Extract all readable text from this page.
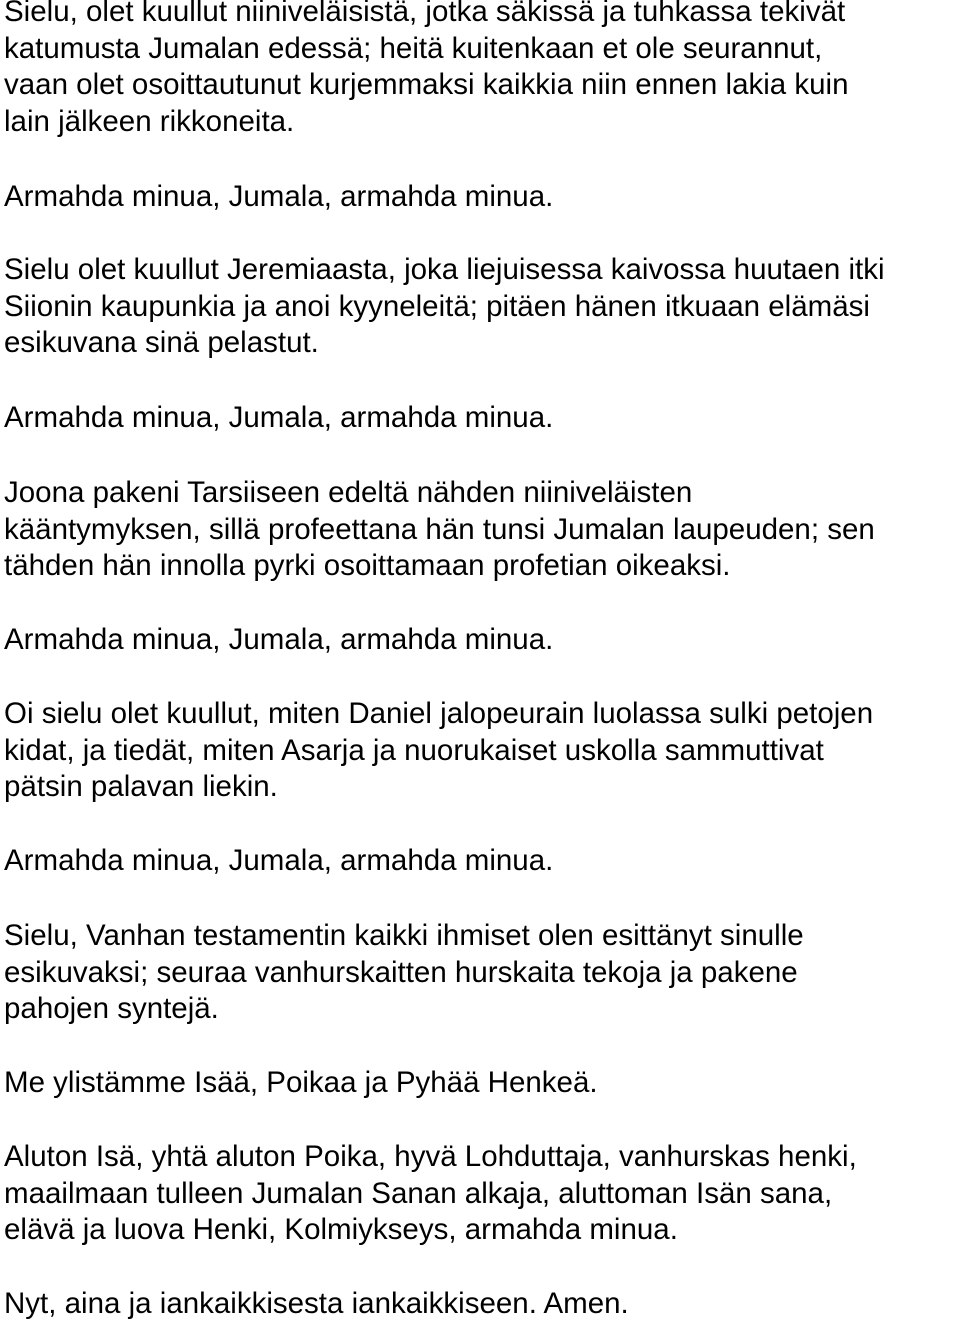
Sielu, olet kuullut niiniveläisistä, jotka säkissä ja tuhkassa tekivät
katumusta Jumalan edessä; heitä kuitenkaan et ole seurannut,
vaan olet osoittautunut kurjemmaksi kaikkia niin ennen lakia kuin
lain jälkeen rikkoneita.

Armahda minua, Jumala, armahda minua.

Sielu olet kuullut Jeremiaasta, joka liejuisessa kaivossa huutaen itki
Siionin kaupunkia ja anoi kyyneleitä; pitäen hänen itkuaan elämäsi
esikuvana sinä pelastut.

Armahda minua, Jumala, armahda minua.

Joona pakeni Tarsiiseen edeltä nähden niiniveläisten
kääntymyksen, sillä profeettana hän tunsi Jumalan laupeuden; sen
tähden hän innolla pyrki osoittamaan profetian oikeaksi.

Armahda minua, Jumala, armahda minua.

Oi sielu olet kuullut, miten Daniel jalopeurain luolassa sulki petojen
kidat, ja tiedät, miten Asarja ja nuorukaiset uskolla sammuttivat
pätsin palavan liekin.

Armahda minua, Jumala, armahda minua.

Sielu, Vanhan testamentin kaikki ihmiset olen esittänyt sinulle
esikuvaksi; seuraa vanhurskaitten hurskaita tekoja ja pakene
pahojen syntejä.

Me ylistämme Isää, Poikaa ja Pyhää Henkeä.

Aluton Isä, yhtä aluton Poika, hyvä Lohduttaja, vanhurskas henki,
maailmaan tulleen Jumalan Sanan alkaja, aluttoman Isän sana,
elävä ja luova Henki, Kolmiykseys, armahda minua.

Nyt, aina ja iankaikkisesta iankaikkiseen. Amen.
